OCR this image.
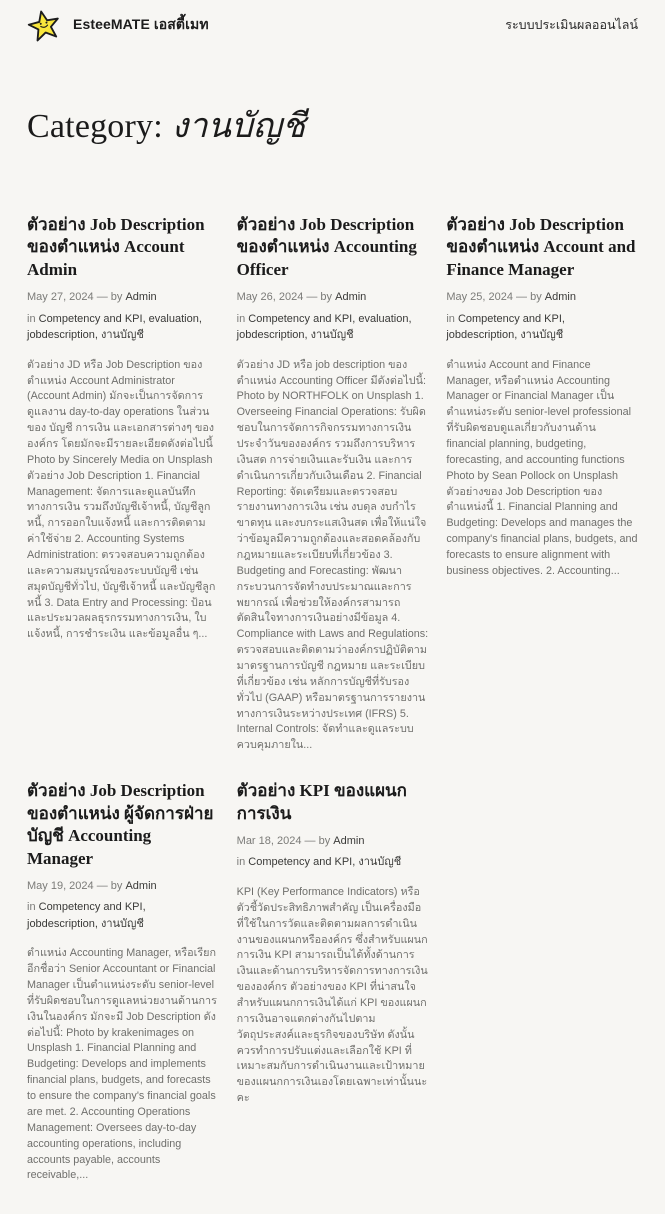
EsteeMATE เอสตี้เมท	ระบบประเมินผลออนไลน์
Category: งานบัญชี
ตัวอย่าง Job Description ของตำแหน่ง Account Admin
May 27, 2024 — by Admin
in Competency and KPI, evaluation, jobdescription, งานบัญชี

ตัวอย่าง JD หรือ Job Description ของตำแหน่ง Account Administrator (Account Admin) มักจะเป็นการจัดการดูแลงาน day-to-day operations ในส่วนของ บัญชี การเงิน และเอกสารต่างๆ ขององค์กร โดยมักจะมีรายละเอียดดังต่อไปนี้ Photo by Sincerely Media on Unsplash ตัวอย่าง Job Description 1. Financial Management: จัดการและดูแลบันทึกทางการเงิน รวมถึงบัญชีเจ้าหนี้, บัญชีลูกหนี้, การออกใบแจ้งหนี้ และการติดตามค่าใช้จ่าย 2. Accounting Systems Administration: ตรวจสอบความถูกต้องและความสมบูรณ์ของระบบบัญชี เช่น สมุดบัญชีทั่วไป, บัญชีเจ้าหนี้ และบัญชีลูกหนี้ 3. Data Entry and Processing: ป้อนและประมวลผลธุรกรรมทางการเงิน, ใบแจ้งหนี้, การชำระเงิน และข้อมูลอื่น ๆ...

ตัวอย่าง Job Description ของตำแหน่ง Accounting Officer
May 26, 2024 — by Admin
in Competency and KPI, evaluation, jobdescription, งานบัญชี

ตัวอย่าง JD หรือ job description ของตำแหน่ง Accounting Officer มีดังต่อไปนี้: Photo by NORTHFOLK on Unsplash 1. Overseeing Financial Operations: รับผิดชอบในการจัดการกิจกรรมทางการเงินประจำวันขององค์กร รวมถึงการบริหารเงินสด การจ่ายเงินและรับเงิน และการดำเนินการเกี่ยวกับเงินเดือน 2. Financial Reporting: จัดเตรียมและตรวจสอบรายงานทางการเงิน เช่น งบดุล งบกำไรขาดทุน และงบกระแสเงินสด เพื่อให้แน่ใจว่าข้อมูลมีความถูกต้องและสอดคล้องกับกฎหมายและระเบียบที่เกี่ยวข้อง 3. Budgeting and Forecasting: พัฒนากระบวนการจัดทำงบประมาณและการพยากรณ์ เพื่อช่วยให้องค์กรสามารถตัดสินใจทางการเงินอย่างมีข้อมูล 4. Compliance with Laws and Regulations: ตรวจสอบและติดตามว่าองค์กรปฏิบัติตามมาตรฐานการบัญชี กฎหมาย และระเบียบที่เกี่ยวข้อง เช่น หลักการบัญชีที่รับรองทั่วไป (GAAP) หรือมาตรฐานการรายงานทางการเงินระหว่างประเทศ (IFRS) 5. Internal Controls: จัดทำและดูแลระบบควบคุมภายใน...

ตัวอย่าง Job Description ของตำแหน่ง Account and Finance Manager
May 25, 2024 — by Admin
in Competency and KPI, jobdescription, งานบัญชี

ตำแหน่ง Account and Finance Manager, หรือตำแหน่ง Accounting Manager or Financial Manager เป็นตำแหน่งระดับ senior-level professional ที่รับผิดชอบดูแลเกี่ยวกับงานด้าน financial planning, budgeting, forecasting, and accounting functions Photo by Sean Pollock on Unsplash ตัวอย่างของ Job Description ของตำแหน่งนี้ 1. Financial Planning and Budgeting: Develops and manages the company's financial plans, budgets, and forecasts to ensure alignment with business objectives. 2. Accounting...

ตัวอย่าง Job Description ของตำแหน่ง ผู้จัดการฝ่ายบัญชี Accounting Manager
May 19, 2024 — by Admin
in Competency and KPI, jobdescription, งานบัญชี

ตำแหน่ง Accounting Manager, หรือเรียกอีกชื่อว่า Senior Accountant or Financial Manager เป็นตำแหน่งระดับ senior-level ที่รับผิดชอบในการดูแลหน่วยงานด้านการเงินในองค์กร มักจะมี Job Description ดังต่อไปนี้: Photo by krakenimages on Unsplash 1. Financial Planning and Budgeting: Develops and implements financial plans, budgets, and forecasts to ensure the company's financial goals are met. 2. Accounting Operations Management: Oversees day-to-day accounting operations, including accounts payable, accounts receivable,...

ตัวอย่าง KPI ของแผนกการเงิน
Mar 18, 2024 — by Admin
in Competency and KPI, งานบัญชี

KPI (Key Performance Indicators) หรือตัวชี้วัดประสิทธิภาพสำคัญ เป็นเครื่องมือที่ใช้ในการวัดและติดตามผลการดำเนินงานของแผนกหรือองค์กร ซึ่งสำหรับแผนกการเงิน KPI สามารถเป็นได้ทั้งด้านการเงินและด้านการบริหารจัดการทางการเงินขององค์กร ตัวอย่างของ KPI ที่น่าสนใจสำหรับแผนกการเงินได้แก่ KPI ของแผนกการเงินอาจแตกต่างกันไปตามวัตถุประสงค์และธุรกิจของบริษัท ดังนั้น ควรทำการปรับแต่งและเลือกใช้ KPI ที่เหมาะสมกับการดำเนินงานและเป้าหมายของแผนกการเงินเองโดยเฉพาะเท่านั้นนะคะ
